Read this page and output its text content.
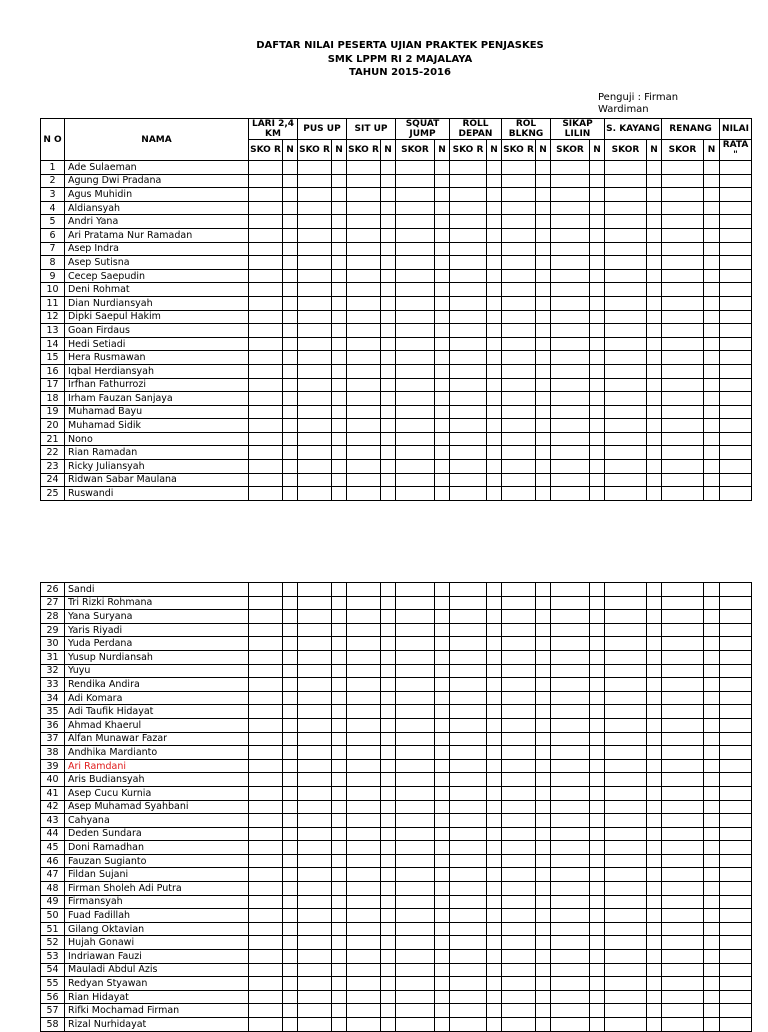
DAFTAR NILAI PESERTA UJIAN PRAKTEK PENJASKES
SMK LPPM RI 2 MAJALAYA
TAHUN 2015-2016
Penguji : Firman Wardiman
N O	NAMA	LARI 2,4 KM		PUS UP		SIT UP		SQUAT JUMP		ROLL DEPAN		ROL BLKNG		SIKAP LILIN		S. KAYANG		RENANG		NILAI
		SKO R	N	SKO R	N	SKO R	N	SKOR	N	SKO R	N	SKO R	N	SKOR	N	SKOR	N	SKOR	N	RATA "
1	Ade Sulaeman																			
2	Agung Dwi Pradana																			
3	Agus Muhidin																			
4	Aldiansyah																			
5	Andri Yana																			
6	Ari Pratama Nur Ramadan																			
7	Asep Indra																			
8	Asep Sutisna																			
9	Cecep Saepudin																			
10	Deni Rohmat																			
11	Dian Nurdiansyah																			
12	Dipki Saepul Hakim																			
13	Goan Firdaus																			
14	Hedi Setiadi																			
15	Hera Rusmawan																			
16	Iqbal Herdiansyah																			
17	Irfhan Fathurrozi																			
18	Irham Fauzan Sanjaya																			
19	Muhamad Bayu																			
20	Muhamad Sidik																			
21	Nono																			
22	Rian Ramadan																			
23	Ricky Juliansyah																			
24	Ridwan Sabar Maulana																			
25	Ruswandi																			
26	Sandi																			
27	Tri Rizki Rohmana																			
28	Yana Suryana																			
29	Yaris Riyadi																			
30	Yuda Perdana																			
31	Yusup Nurdiansah																			
32	Yuyu																			
33	Rendika Andira																			
34	Adi Komara																			
35	Adi Taufik Hidayat																			
36	Ahmad Khaerul																			
37	Alfan Munawar Fazar																			
38	Andhika Mardianto																			
39	Ari Ramdani																			
40	Aris Budiansyah																			
41	Asep Cucu Kurnia																			
42	Asep Muhamad Syahbani																			
43	Cahyana																			
44	Deden Sundara																			
45	Doni Ramadhan																			
46	Fauzan Sugianto																			
47	Fildan Sujani																			
48	Firman Sholeh Adi Putra																			
49	Firmansyah																			
50	Fuad Fadillah																			
51	Gilang Oktavian																			
52	Hujah Gonawi																			
53	Indriawan Fauzi																			
54	Mauladi Abdul Azis																			
55	Redyan Styawan																			
56	Rian Hidayat																			
57	Rifki Mochamad Firman																			
58	Rizal Nurhidayat																			
